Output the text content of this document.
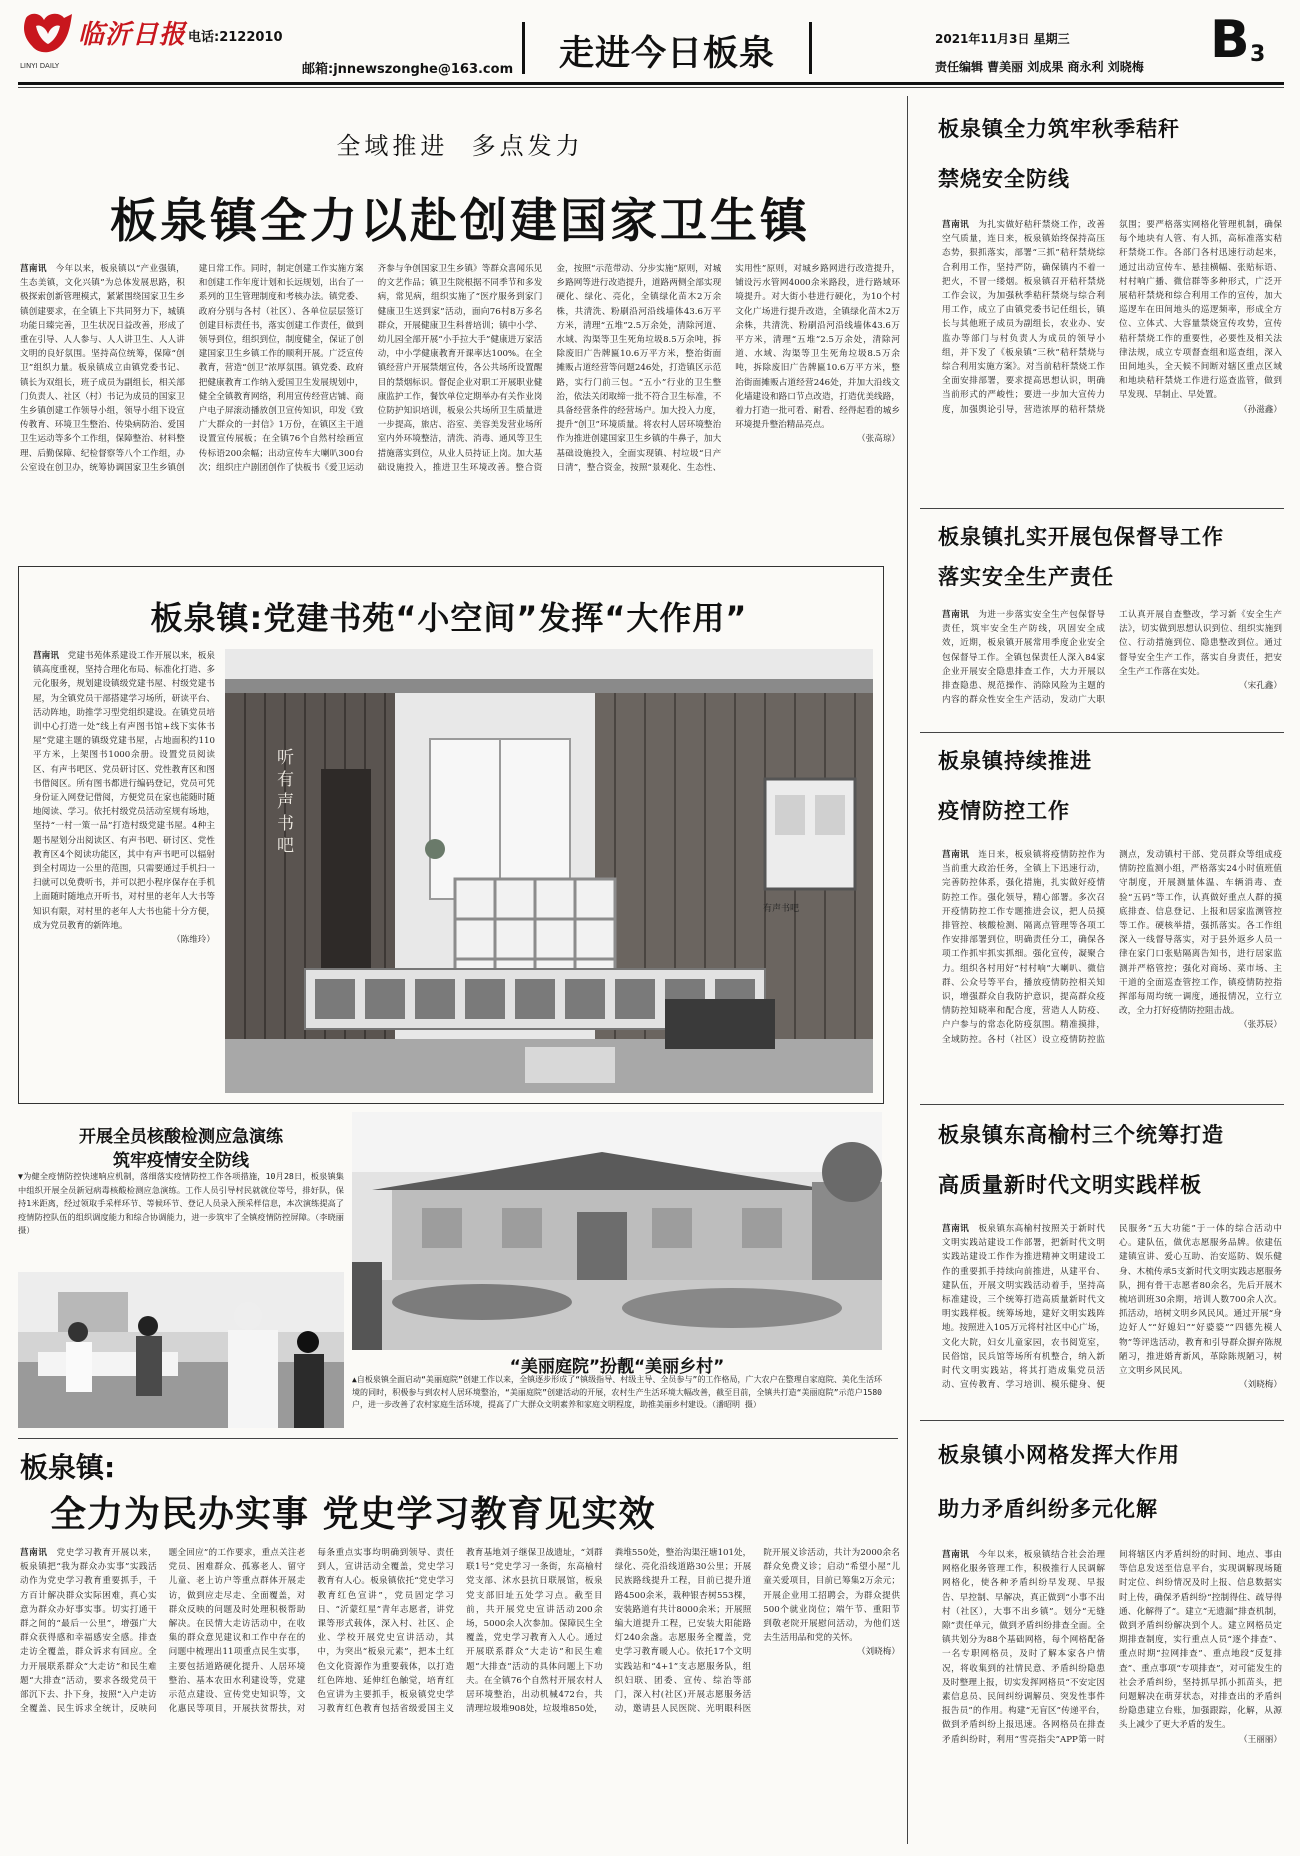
临沂日报
LINYI DAILY
电话:2122010
邮箱:jnnewszonghe@163.com	走进今日板泉	2021年11月3日 星期三
责任编辑 曹美丽 刘成果 商永利 刘晓梅 B 3
全域推进  多点发力
板泉镇全力以赴创建国家卫生镇
莒南讯　 今年以来，板泉镇以“产业强镇，生态美镇，文化兴镇”为总体发展思路，积极探索创新管理模式，紧紧围绕国家卫生乡镇创建要求，在全镇上下共同努力下，城镇功能日臻完善，卫生状况日益改善，形成了重在引导、人人参与、人人讲卫生、人人讲文明的良好氛围。坚持高位统筹，保障“创卫”组织力量。板泉镇成立由镇党委书记、镇长为双组长，班子成员为副组长，相关部门负责人、社区（村）书记为成员的国家卫生乡镇创建工作领导小组，领导小组下设宣传教育、环境卫生整治、传染病防治、爱国卫生运动等多个工作组，保障整治、材料整理、后勤保障、纪检督察等八个工作组，办公室设在创卫办，统筹协调国家卫生乡镇创建日常工作。同时，制定创建工作实施方案和创建工作年度计划和长远规划，出台了一系列的卫生管理制度和考核办法。镇党委、政府分别与各村（社区）、各单位层层签订创建目标责任书，落实创建工作责任，做到领导到位，组织到位，制度健全，保证了创建国家卫生乡镇工作的顺利开展。广泛宣传教育，营造“创卫”浓厚氛围。镇党委、政府把健康教育工作纳入爱国卫生发展规划中，健全全镇教育网络，利用宣传经营店铺、商户电子屏滚动播放创卫宣传知识，印发《致广大群众的一封信》1万份，在镇区主干道设置宣传展板；在全镇76个自然村绘画宣传标语200余幅；出动宣传车大喇叭300台次；组织庄户剧团创作了快板书《爱卫运动齐参与争创国家卫生乡镇》等群众喜闻乐见的文艺作品；镇卫生院根据不同季节和多发病，常见病，组织实施了“医疗服务到家门 健康卫生送到家”活动，面向76村8万多名群众，开展健康卫生科普培训；镇中小学、幼儿园全部开展“小手拉大手”健康进万家活动，中小学健康教育开课率达100%。在全镇经营户开展禁烟宣传，各公共场所设置醒目的禁烟标识。督促企业对职工开展职业健康监护工作，餐饮单位定期举办有关作业岗位防护知识培训，板泉公共场所卫生质量进一步提高，旅店、浴室、美容美发营业场所室内外环境整洁，清洗、消毒、通风等卫生措施落实到位，从业人员持证上岗。加大基础设施投入，推进卫生环境改善。整合资金，按照“示范带动、分步实施”原则，对城乡路网等进行改造提升，道路两侧全部实现硬化、绿化、亮化，全镇绿化苗木2万余株，共清洗、粉刷沿河沿线墙体43.6万平方米，清理“五堆”2.5万余处，清除河道、水域、沟渠等卫生死角垃圾8.5万余吨，拆除废旧广告牌匾10.6万平方米，整治街面摊贩占道经营等问题246处，打造镇区示范路，实行门前三包。“五小”行业的卫生整治，依法关闭取缔一批不符合卫生标准，不具备经营条件的经营场户。加大投入力度，提升“创卫”环境质量。将农村人居环境整治作为推进创建国家卫生乡镇的牛鼻子，加大基础设施投入，全面实现镇、村垃圾“日产日清”，整合资金，按照“景观化、生态性、实用性”原则，对城乡路网进行改造提升，铺设污水管网4000余米路段，进行路域环境提升。对大街小巷进行硬化，为10个村文化广场进行提升改造，全镇绿化苗木2万余株，共清洗、粉刷沿河沿线墙体43.6万平方米，清理“五堆”2.5万余处，清除河道、水域、沟渠等卫生死角垃圾8.5万余吨，拆除废旧广告牌匾10.6万平方米，整治街面摊贩占道经营246处，并加大沿线文化墙建设和路口节点改造，打造优美线路，着力打造一批可看、耐看、经得起看的城乡环境提升整治精品亮点。
（张高琼）
板泉镇:党建书苑“小空间”发挥“大作用”
莒南讯　 党建书苑体系建设工作开展以来，板泉镇高度重视，坚持合理化布局、标准化打造、多元化服务，规划建设镇级党建书屋、村级党建书屋，为全镇党员干部搭建学习场所，研读平台、活动阵地，助推学习型党组织建设。在镇党员培训中心打造一处“线上有声图书馆+线下实体书屋”党建主题的镇级党建书屋，占地面积约110平方米，上架图书1000余册。设置党员阅读区、有声书吧区、党员研讨区、党性教育区和图书借阅区。所有图书都进行编码登记，党员可凭身份证入网登记借阅，方便党员在家也能随时随地阅读、学习。依托村级党员活动室规有场地，坚持“一村一策一品”打造村级党建书屋。4种主题书屋划分出阅读区、有声书吧、研讨区、党性教育区4个阅读功能区，其中有声书吧可以辐射到全村周边一公里的范围，只需要通过手机扫一扫就可以免费听书，并可以把小程序保存在手机上面随时随地点开听书，对村里的老年人大书等知识有限，对村里的老年人大书也能十分方便，成为党员教育的新阵地。
（陈维玲）
听 有声 书吧
有声书吧
开展全员核酸检测应急演练
筑牢疫情安全防线
▼为健全疫情防控快速响应机制，落细落实疫情防控工作各项措施，10月28日，板泉镇集中组织开展全员新冠病毒核酸检测应急演练。工作人员引导村民就就位等号，排好队，保持1米距离，经过领取手采样环节、等候环节、登记人员录入预采样信息，本次演练提高了疫情防控队伍的组织调度能力和综合协调能力，进一步筑牢了全镇疫情防控屏障。（李晓丽 摄）
“美丽庭院”扮靓“美丽乡村”
▲自板泉镇全面启动“美丽庭院”创建工作以来，全镇逐步形成了“镇级指导、村级主导、全员参与”的工作格局，广大农户在整理自家庭院、美化生活环境的同时，积极参与到农村人居环境整治，“美丽庭院”创建活动的开展，农村生产生活环境大幅改善，截至目前，全镇共打造“美丽庭院”示范户1580户，进一步改善了农村家庭生活环境，提高了广大群众文明素养和家庭文明程度，助推美丽乡村建设。（潘昭明 摄）
板泉镇:
全力为民办实事 党史学习教育见实效
莒南讯　 党史学习教育开展以来，板泉镇把“我为群众办实事”实践活动作为党史学习教育重要抓手，千方百计解决群众实际困难，真心实意为群众办好事实事。切实打通干群之间的“最后一公里”，增强广大群众获得感和幸福感安全感。排查走访全覆盖，群众诉求有回应。全力开展联系群众“大走访”和民生难题“大排查”活动，要求各级党员干部沉下去、扑下身，按照“入户走访全覆盖、民生诉求全统计，反映问题全回应”的工作要求，重点关注老党员、困难群众、孤寡老人、留守儿童、老上访户等重点群体开展走访，做到应走尽走、全面覆盖，对群众反映的问题及时处理积极帮助解决。在民情大走访活动中，在收集的群众意见建议和工作中存在的问题中梳理出11项重点民生实事，主要包括道路硬化提升、人居环境整治、基本农田水利建设等，党建示范点建设、宣传党史知识等，文化惠民等项目，开展扶贫帮扶，对每条重点实事均明确到领导、责任到人，宣讲活动全覆盖，党史学习教育有人心。板泉镇依托“党史学习教育红色宣讲”，党员固定学习日、“沂蒙红星”青年志愿者，讲党课等形式载体，深入村、社区、企业、学校开展党史宣讲活动，其中，为突出“板泉元素”，把本土红色文化资源作为重要载体，以打造红色阵地、延伸红色触觉，培育红色宣讲为主要抓手，板泉镇党史学习教育红色教育包括省级爱国主义教育基地刘子继保卫战遗址，“刘群联1号”党史学习一条街，东高榆村党支部、沭水县抗日联展馆，板泉党支部旧址五处学习点。截至目前，共开展党史宣讲活动200余场，5000余人次参加。保障民生全覆盖，党史学习教育入人心。通过开展联系群众“大走访”和民生难题“大排查”活动的具体问题上下功夫。在全镇76个自然村开展农村人居环境整治，出动机械472台，共清理垃圾堆908处，垃圾堆850处，粪堆550处，整治沟渠汪塘101处，绿化、亮化沿线道路30公里；开展民族路线提升工程，目前已提升道路4500余米，栽种银杏树553棵，安装路道有共计8000余米；开展照编大道提升工程，已安装大阳能路灯240余盏。志愿服务全覆盖，党史学习教育暖人心。依托17个文明实践站和“4+1”支志愿服务队，组织妇联、团委、宣传、综治等部门，深入村(社区)开展志愿服务活动，邀请县人民医院、光明眼科医院开展义诊活动，共计为2000余名群众免费义诊；启动“希望小屋”儿童关爱项目，目前已筹集2万余元；开展企业用工招聘会，为群众提供500个就业岗位；端午节、重阳节到敬老院开展慰问活动，为他们送去生活用品和党的关怀。
（刘晓梅）
板泉镇全力筑牢秋季秸秆
禁烧安全防线
莒南讯　 为扎实做好秸秆禁烧工作，改善空气质量，连日来，板泉镇始终保持高压态势，狠抓落实，部署“三抓”秸秆禁烧综合利用工作，坚持严防，确保镇内不着一把火，不冒一缕烟。板泉镇召开秸秆禁烧工作会议，为加强秋季秸秆禁烧与综合利用工作，成立了由镇党委书记任组长，镇长与其他班子成员为副组长，农业办、安监办等部门与村负责人为成员的领导小组，并下发了《板泉镇“三秋”秸秆禁烧与综合利用实施方案》。对当前秸秆禁烧工作全面安排部署，要求提高思想认识，明确当前形式的严峻性；要进一步加大宣传力度，加强舆论引导，营造浓厚的秸秆禁烧氛围；要严格落实网格化管理机制，确保每个地块有人管、有人抓，高标准落实秸秆禁烧工作。各部门各村迅速行动起来，通过出动宣传车、悬挂横幅、张贴标语、村村响广播、微信群等多种形式，广泛开展秸秆禁烧和综合利用工作的宣传，加大巡逻车在田间地头的巡逻频率，形成全方位、立体式、大容量禁烧宣传攻势，宣传秸秆禁烧工作的重要性，必要性及相关法律法规，成立专项督查组和巡查组，深入田间地头，全天候不间断对辖区重点区域和地块秸秆禁烧工作进行巡查监管，做到早发现、早制止、早处置。
（孙滋鑫）
板泉镇扎实开展包保督导工作
落实安全生产责任
莒南讯　 为进一步落实安全生产包保督导责任，筑牢安全生产防线，巩固安全成效，近期，板泉镇开展常用季度企业安全包保督导工作。全镇包保责任人深入84家企业开展安全隐患排查工作，大力开展以排查隐患、规范操作、消除风险为主题的内容的群众性安全生产活动，发动广大职工认真开展自查整改，学习新《安全生产法》，切实做到思想认识到位、组织实施到位、行动措施到位、隐患整改到位。通过督导安全生产工作，落实自身责任，把安全生产工作落在实处。
（宋孔鑫）
板泉镇持续推进
疫情防控工作
莒南讯　 连日来，板泉镇将疫情防控作为当前重大政治任务，全镇上下迅速行动，完善防控体系，强化措施，扎实做好疫情防控工作。强化领导，精心部署。多次召开疫情防控工作专题推进会议，把人员摸排管控、核酸检测、隔离点管理等各项工作安排部署到位，明确责任分工，确保各项工作抓牢抓实抓细。强化宣传，凝聚合力。组织各村用好“村村响”大喇叭、微信群、公众号等平台，播放疫情防控相关知识，增强群众自我防护意识，提高群众疫情防控知晓率和配合度，营造人人防疫、户户参与的常态化防疫氛围。精准摸排，全域防控。各村（社区）设立疫情防控监测点，发动镇村干部、党员群众等组成疫情防控监测小组，严格落实24小时值班值守制度，开展测量体温、车辆消毒、查验“五码”等工作，认真做好重点人群的摸底排查、信息登记、上报和居家监测管控等工作。硬核举措，强抓落实。各工作组深入一线督导落实，对于县外返乡人员一律在家门口张贴隔离告知书，进行居家监测并严格管控；强化对商场、菜市场、主干道的全面巡查管控工作，镇疫情防控指挥部每周均统一调度，通报情况，立行立改，全力打好疫情防控阻击战。
（张苏辰）
板泉镇东高榆村三个统筹打造
高质量新时代文明实践样板
莒南讯　 板泉镇东高榆村按照关于新时代文明实践站建设工作部署，把新时代文明实践站建设工作作为推进精神文明建设工作的重要抓手持续向前推进，从建平台、建队伍，开展文明实践活动着手，坚持高标准建设，三个统筹打造高质量新时代文明实践样板。统筹场地，建好文明实践阵地。按照进入105万元将村社区中心广场，文化大院，妇女儿童家园，农书阅览室，民俗馆，民兵馆等场所有机整合，纳入新时代文明实践站，将其打造成集党员活动、宣传教育、学习培训、模乐健身、便民服务“五大功能”于一体的综合活动中心。建队伍，做优志愿服务品牌。依建伍建镇宣讲、爱心互助、治安巡防、娱乐健身、木梳传承5支新时代文明实践志愿服务队，拥有骨干志愿者80余名，先后开展木梳培训班30余期，培训人数700余人次。抓活动，培树文明乡风民风。通过开展“身边好人”“好媳妇”“好婆婆”“四德先模人物”等评选活动，教育和引导群众摒弃陈规陋习，推进婚育新风，革除陈规陋习，树立文明乡风民风。
（刘晓梅）
板泉镇小网格发挥大作用
助力矛盾纠纷多元化解
莒南讯　 今年以来，板泉镇结合社会治理网格化服务管理工作，积极推行人民调解网格化，使各种矛盾纠纷早发现、早报告、早控制、早解决，真正做到“小事不出村（社区），大事不出乡镇”。划分“无缝隙”责任单元，做到矛盾纠纷排查全面。全镇共划分为88个基础网格，每个网格配备一名专职网格员，及时了解本家各户情况，将收集到的社情民意、矛盾纠纷隐患及时整理上报，切实发挥网格员“不安定因素信息员、民间纠纷调解员、突发性事件报告员”的作用。构建“无盲区”传递平台，做到矛盾纠纷上报迅速。各网格员在排查矛盾纠纷时，利用“雪亮指尖”APP第一时间将辖区内矛盾纠纷的时间、地点、事由等信息发送至信息平台，实现调解现场随时定位、纠纷情况及时上报、信息数据实时上传，确保矛盾纠纷“控制得住、疏导得通、化解得了”。建立“无遗漏”排查机制，做到矛盾纠纷解决到个人。建立网格员定期排查制度，实行重点人员“逐个排查”、重点时期“拉网排查”、重点地段“反复排查”、重点事项“专项排查”，对可能发生的社会矛盾纠纷，坚持抓早抓小抓苗头，把问题解决在萌芽状态，对排查出的矛盾纠纷隐患建立台账，加强跟踪，化解，从源头上减少了更大矛盾的发生。
（王丽丽）
